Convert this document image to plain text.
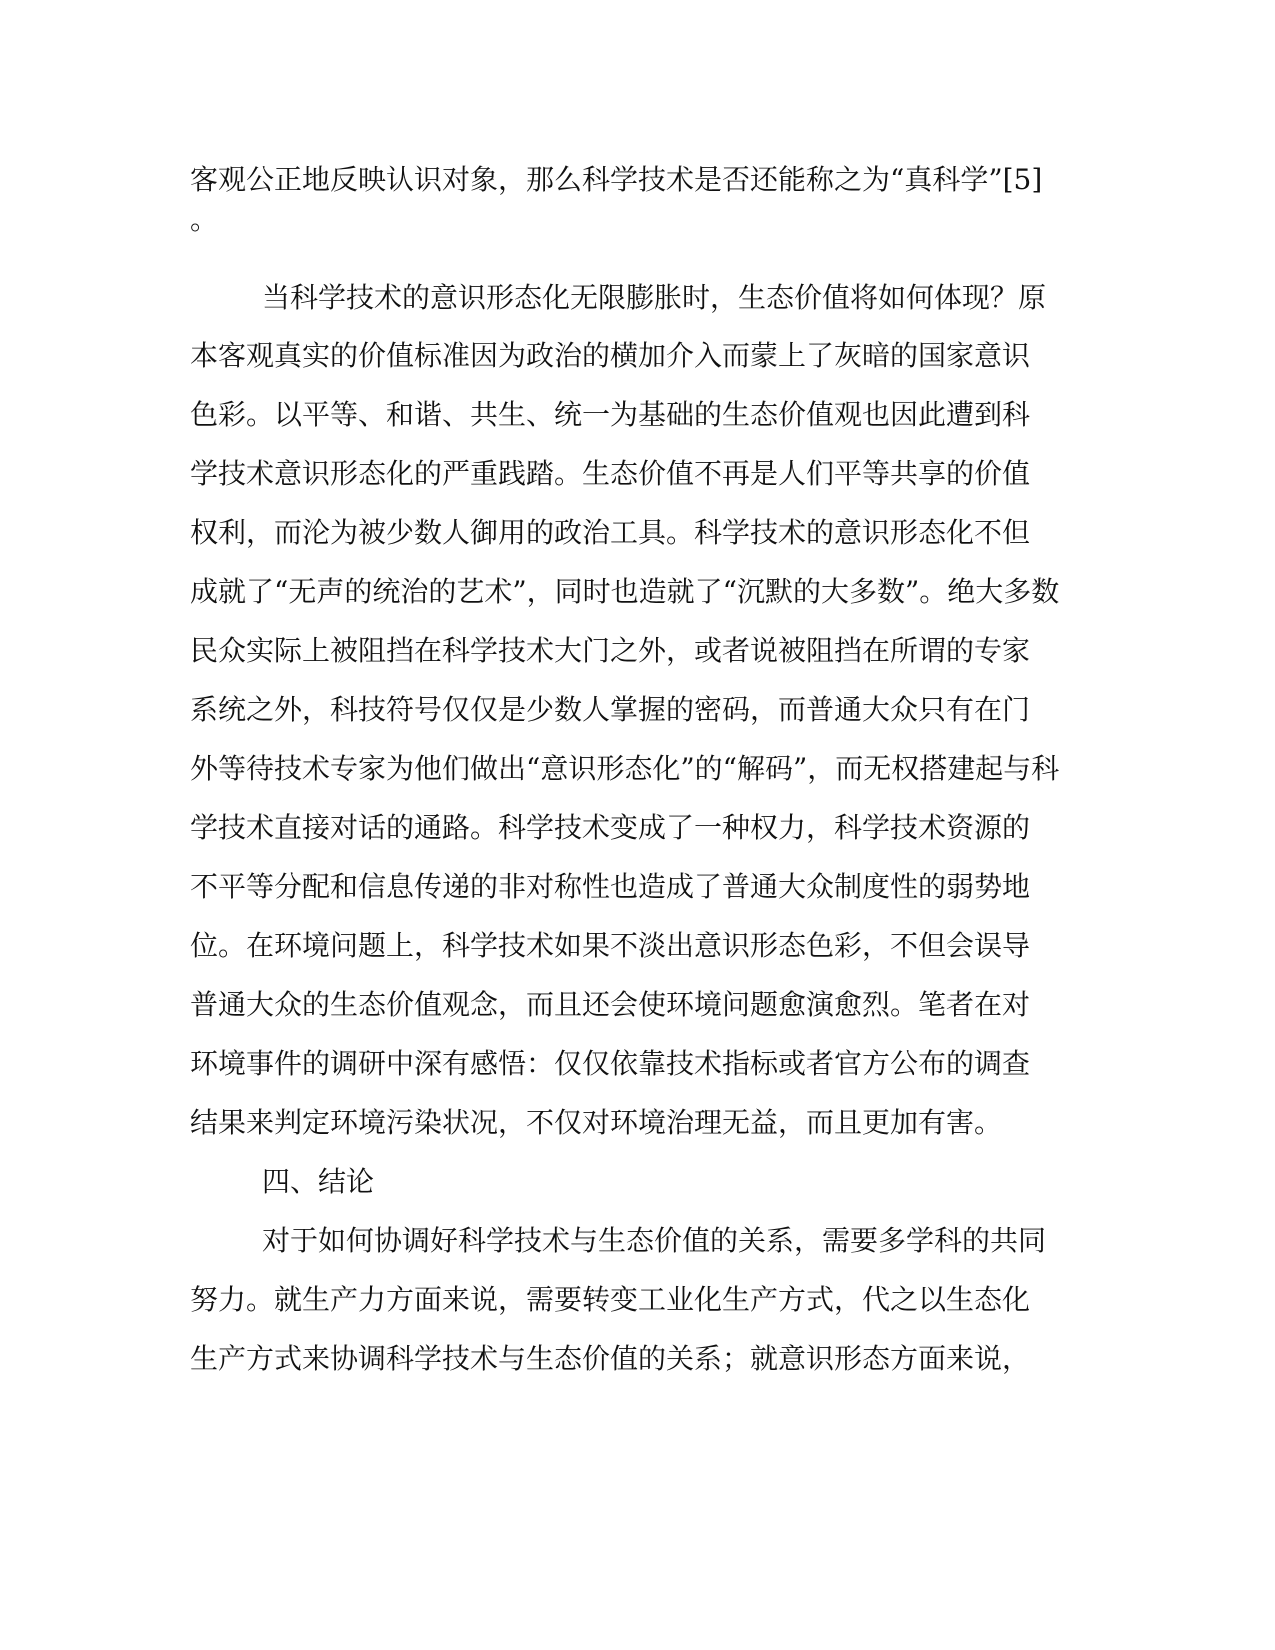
客观公正地反映认识对象，那么科学技术是否还能称之为“真科学”[5]
。
当科学技术的意识形态化无限膨胀时，生态价值将如何体现？原
本客观真实的价值标准因为政治的横加介入而蒙上了灰暗的国家意识
色彩。以平等、和谐、共生、统一为基础的生态价值观也因此遭到科
学技术意识形态化的严重践踏。生态价值不再是人们平等共享的价值
权利，而沦为被少数人御用的政治工具。科学技术的意识形态化不但
成就了“无声的统治的艺术”，同时也造就了“沉默的大多数”。绝大多数
民众实际上被阻挡在科学技术大门之外，或者说被阻挡在所谓的专家
系统之外，科技符号仅仅是少数人掌握的密码，而普通大众只有在门
外等待技术专家为他们做出“意识形态化”的“解码”，而无权搭建起与科
学技术直接对话的通路。科学技术变成了一种权力，科学技术资源的
不平等分配和信息传递的非对称性也造成了普通大众制度性的弱势地
位。在环境问题上，科学技术如果不淡出意识形态色彩，不但会误导
普通大众的生态价值观念，而且还会使环境问题愈演愈烈。笔者在对
环境事件的调研中深有感悟：仅仅依靠技术指标或者官方公布的调查
结果来判定环境污染状况，不仅对环境治理无益，而且更加有害。
四、结论
对于如何协调好科学技术与生态价值的关系，需要多学科的共同
努力。就生产力方面来说，需要转变工业化生产方式，代之以生态化
生产方式来协调科学技术与生态价值的关系；就意识形态方面来说，
